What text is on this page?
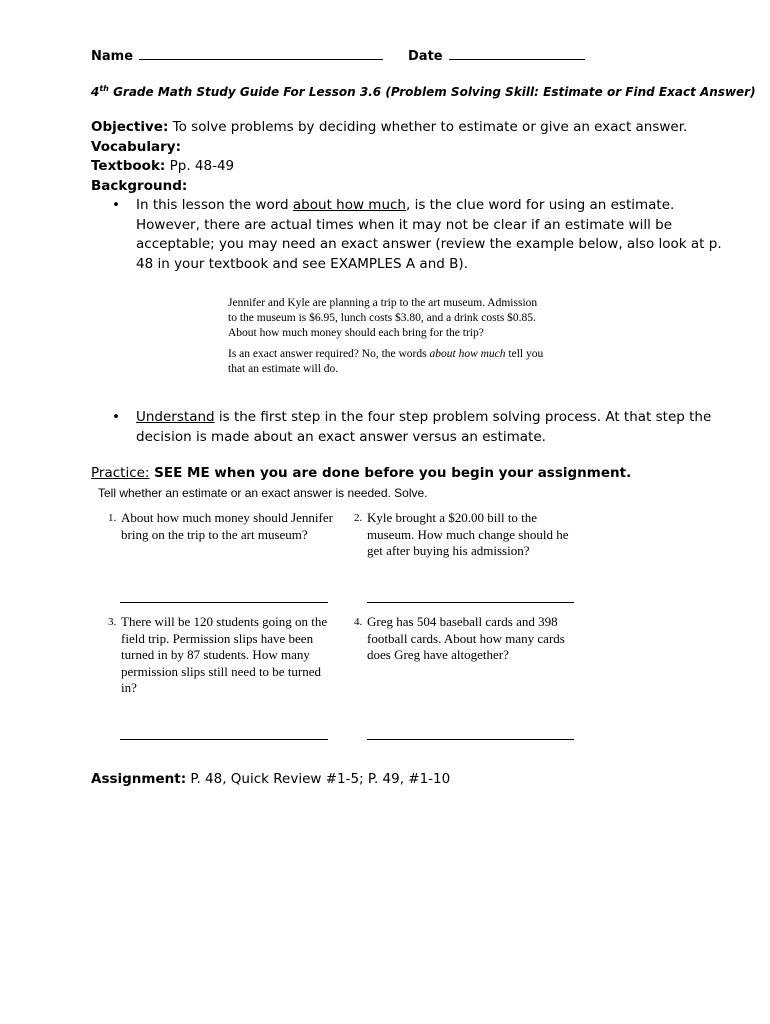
Name	Date
4th Grade Math Study Guide For Lesson 3.6 (Problem Solving Skill: Estimate or Find Exact Answer)
Objective: To solve problems by deciding whether to estimate or give an exact answer.
Vocabulary:
Textbook: Pp. 48-49
Background:
• In this lesson the word about how much, is the clue word for using an estimate. However, there are actual times when it may not be clear if an estimate will be acceptable; you may need an exact answer (review the example below, also look at p. 48 in your textbook and see EXAMPLES A and B).

Jennifer and Kyle are planning a trip to the art museum. Admission to the museum is $6.95, lunch costs $3.80, and a drink costs $0.85. About how much money should each bring for the trip?

Is an exact answer required? No, the words about how much tell you that an estimate will do.

• Understand is the first step in the four step problem solving process. At that step the decision is made about an exact answer versus an estimate.
Practice: SEE ME when you are done before you begin your assignment.
Tell whether an estimate or an exact answer is needed. Solve.
1. About how much money should Jennifer bring on the trip to the art museum?
2. Kyle brought a $20.00 bill to the museum. How much change should he get after buying his admission?
3. There will be 120 students going on the field trip. Permission slips have been turned in by 87 students. How many permission slips still need to be turned in?
4. Greg has 504 baseball cards and 398 football cards. About how many cards does Greg have altogether?
Assignment: P. 48, Quick Review #1-5; P. 49, #1-10
